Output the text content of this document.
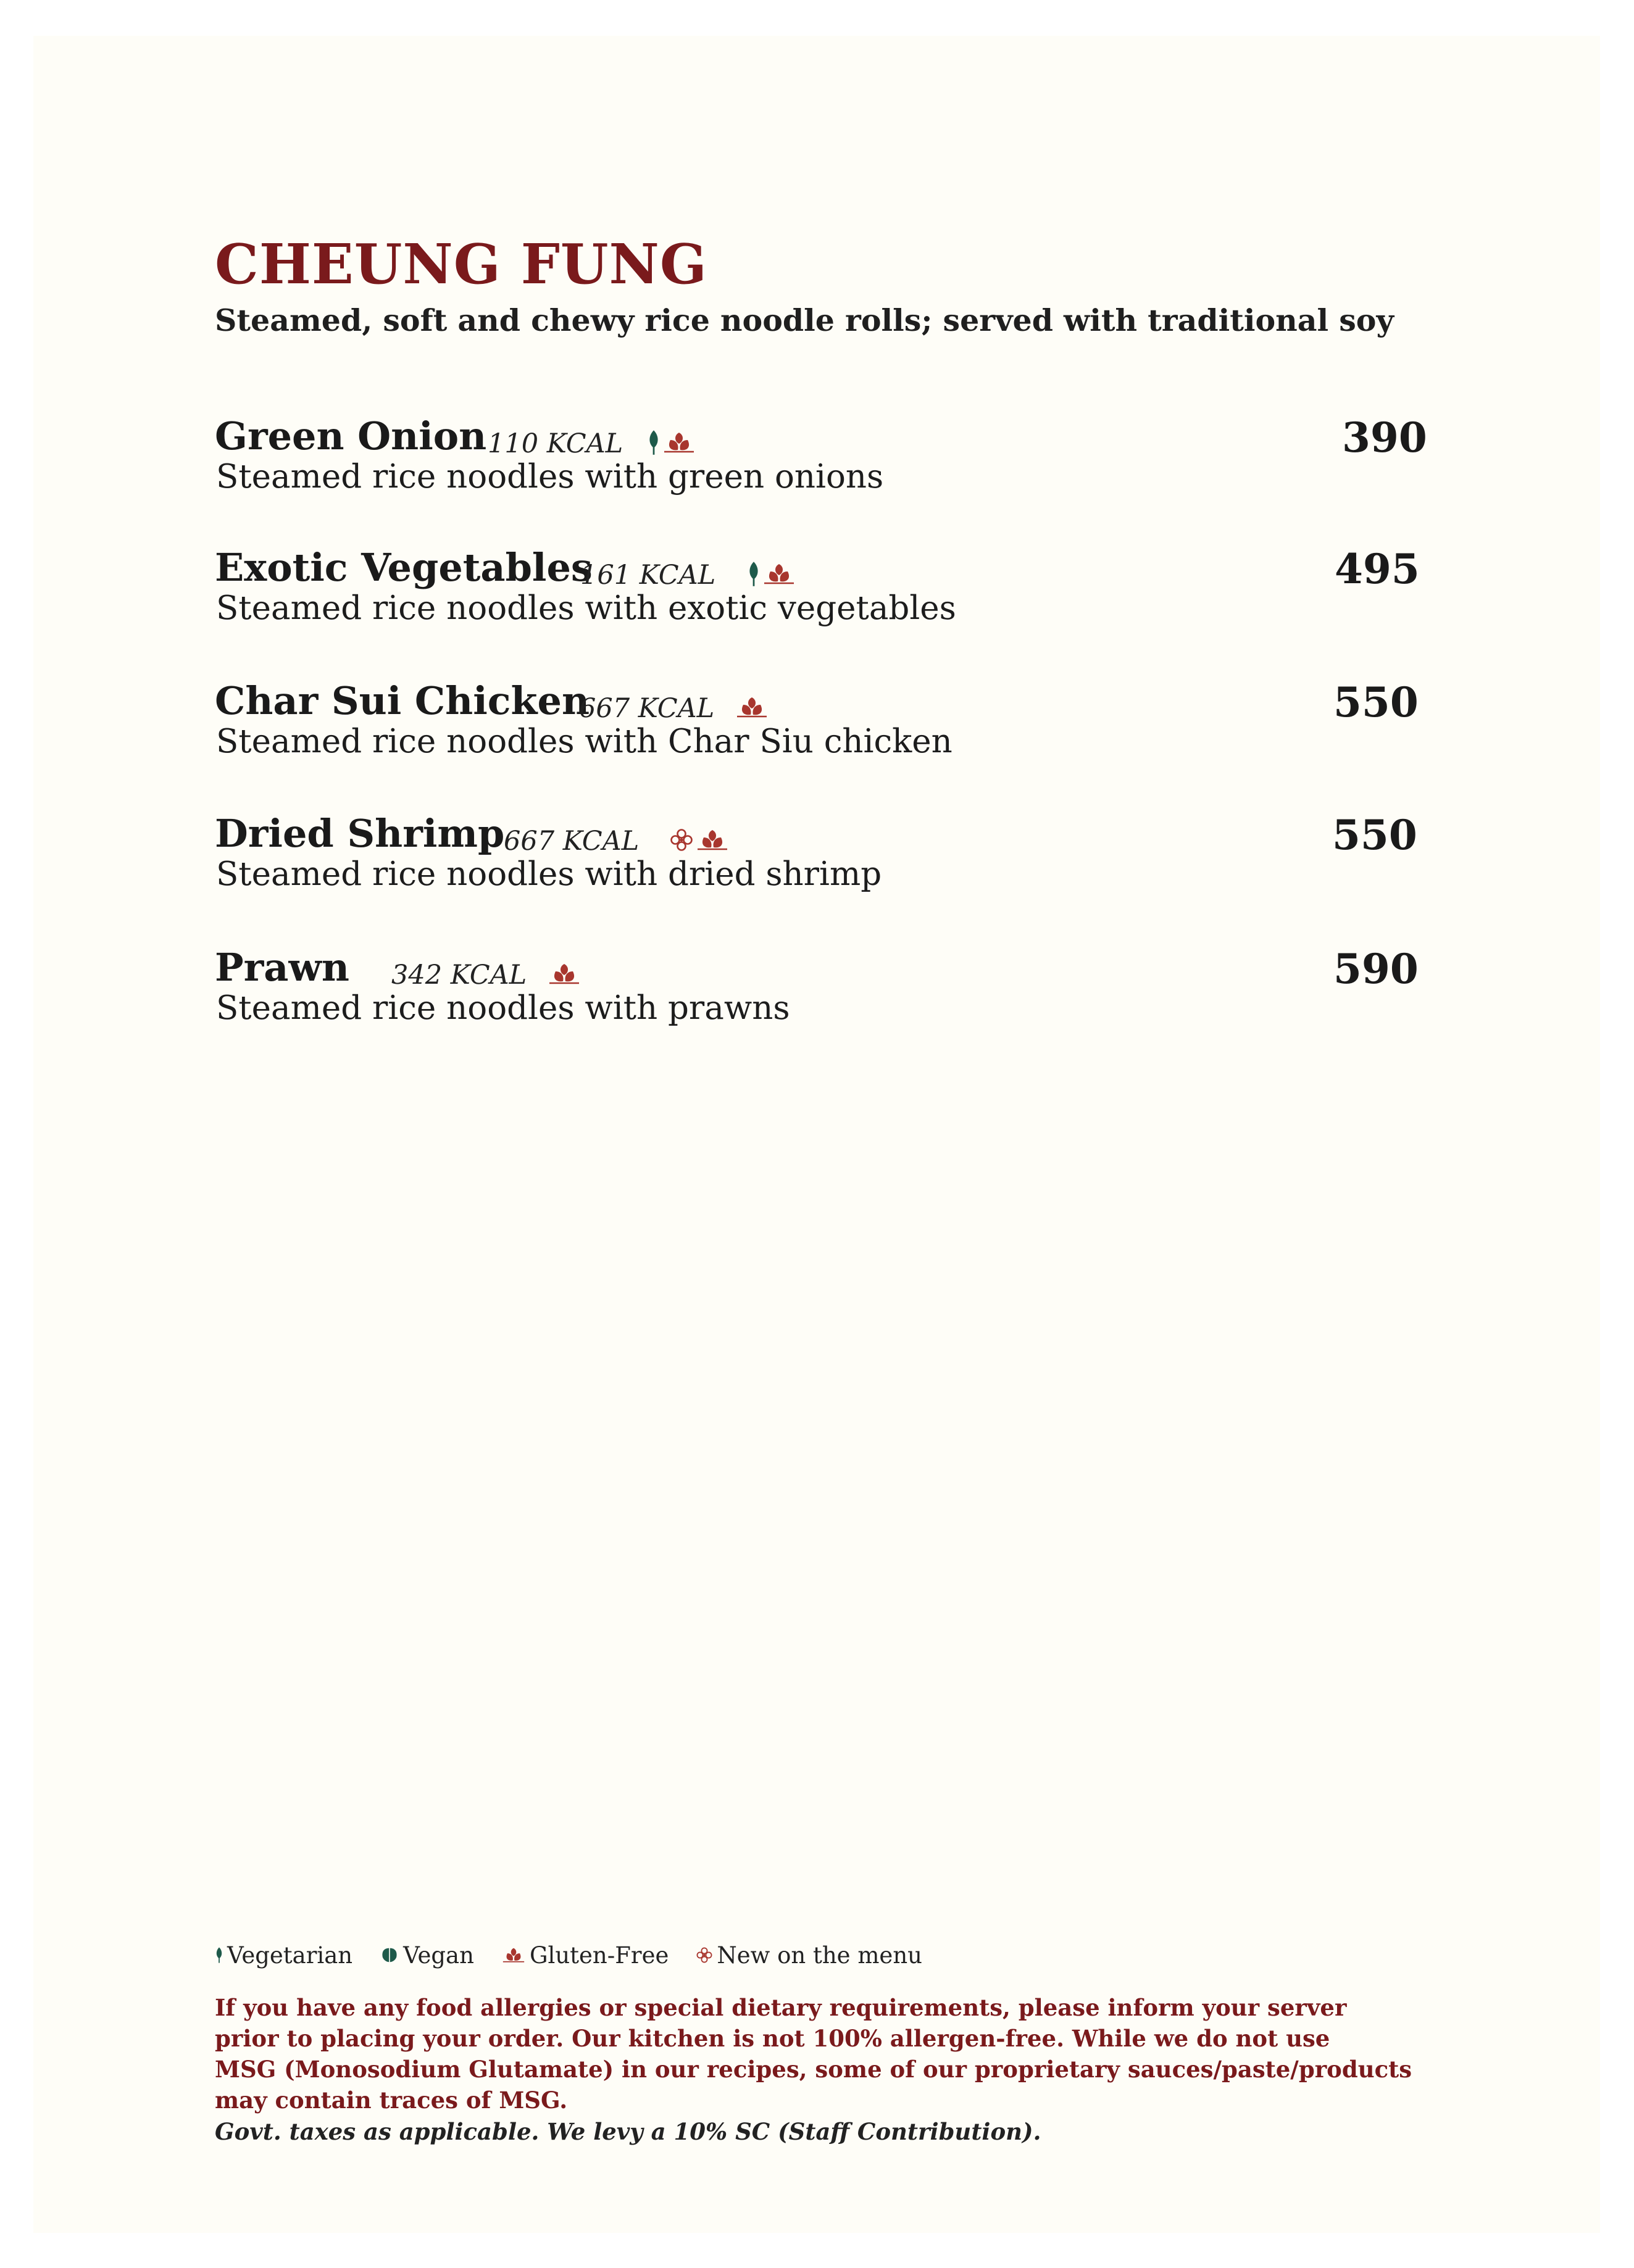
CHEUNG FUNG
Steamed, soft and chewy rice noodle rolls; served with traditional soy
Green Onion 110 KCAL
Steamed rice noodles with green onions
390
Exotic Vegetables
161 KCAL
Steamed rice noodles with exotic vegetables
495
Char Sui Chicken
667 KCAL
Steamed rice noodles with Char Siu chicken
550
Dried Shrimp
667 KCAL
Steamed rice noodles with dried shrimp
550
Prawn 342 KCAL
Steamed rice noodles with prawns
590
Vegetarian Vegan Gluten-Free New on the menu
If you have any food allergies or special dietary requirements, please inform your server
prior to placing your order. Our kitchen is not 100% allergen-free. While we do not use
MSG (Monosodium Glutamate) in our recipes, some of our proprietary sauces/paste/products
may contain traces of MSG.
Govt. taxes as applicable. We levy a 10% SC (Staff Contribution).
